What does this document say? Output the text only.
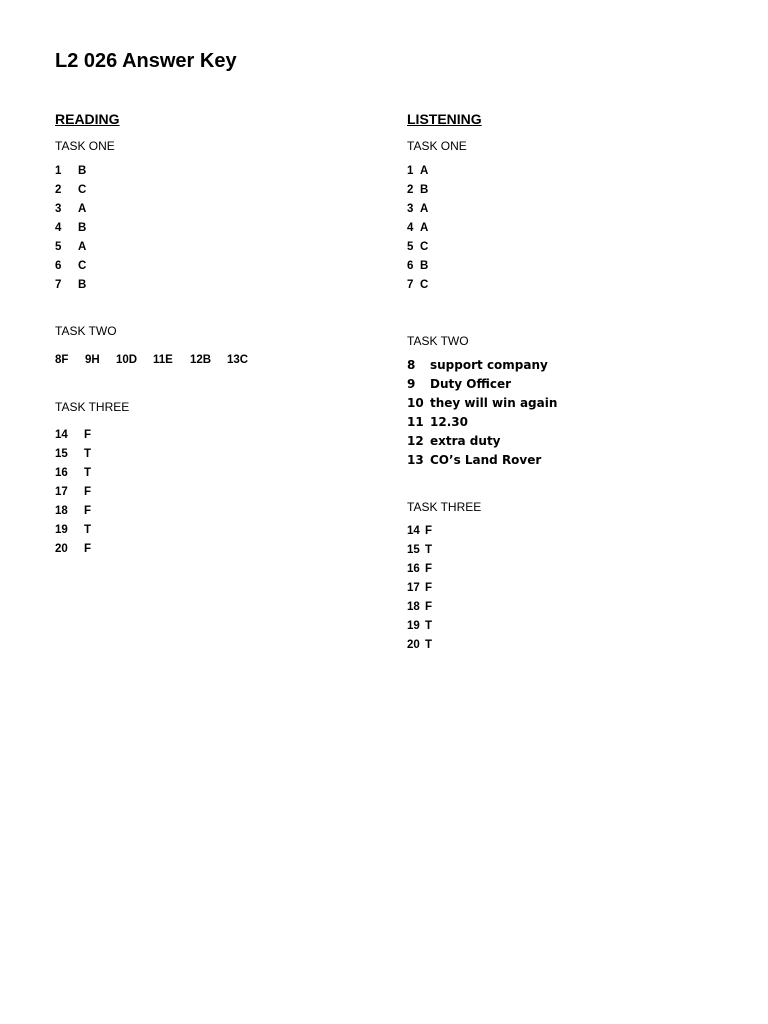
L2 026 Answer Key
READING
TASK ONE
1 B
2 C
3 A
4 B
5 A
6 C
7 B
TASK TWO
8F 9H 10D 11E 12B 13C
TASK THREE
14 F
15 T
16 T
17 F
18 F
19 T
20 F
LISTENING
TASK ONE
1 A
2 B
3 A
4 A
5 C
6 B
7 C
TASK TWO
8 support company
9 Duty Officer
10 they will win again
11 12.30
12 extra duty
13 CO’s Land Rover
TASK THREE
14 F
15 T
16 F
17 F
18 F
19 T
20 T
